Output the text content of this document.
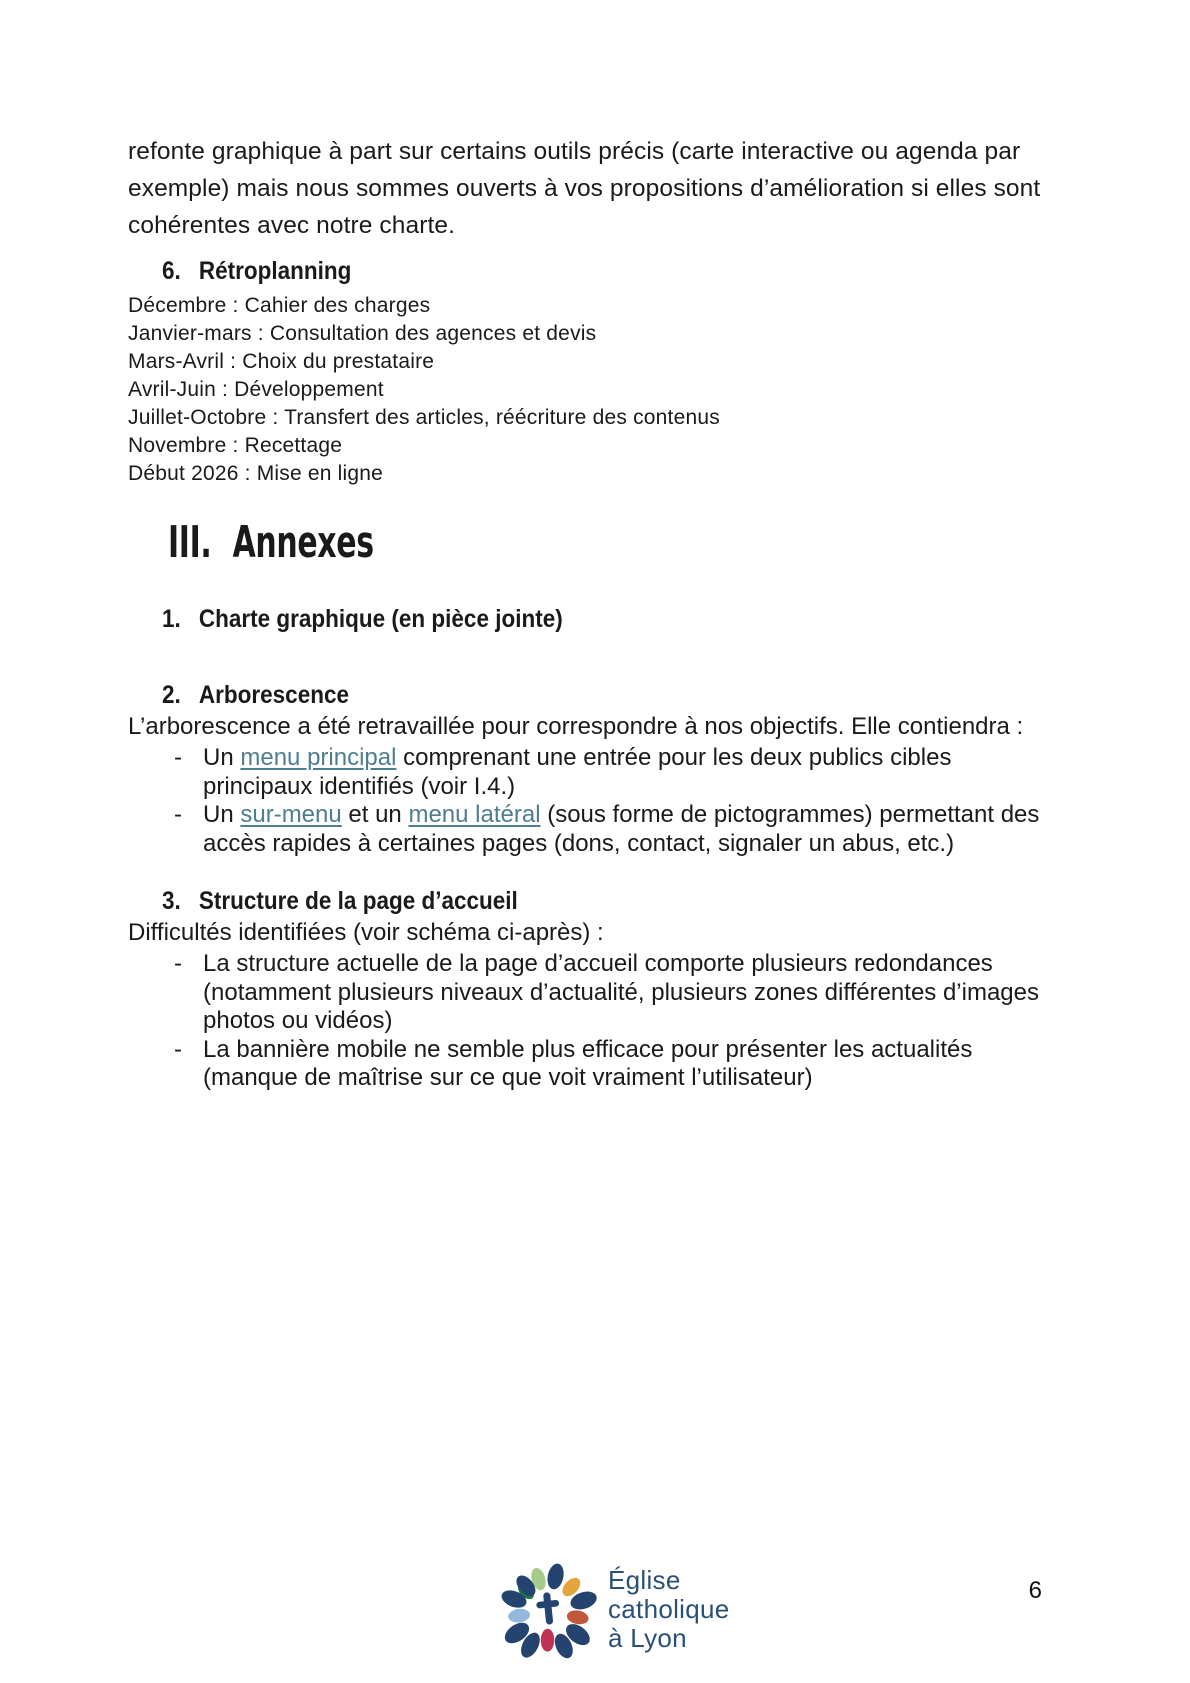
refonte graphique à part sur certains outils précis (carte interactive ou agenda par exemple) mais nous sommes ouverts à vos propositions d’amélioration si elles sont cohérentes avec notre charte.

6. Rétroplanning
Décembre : Cahier des charges
Janvier-mars : Consultation des agences et devis
Mars-Avril : Choix du prestataire
Avril-Juin : Développement
Juillet-Octobre : Transfert des articles, réécriture des contenus
Novembre : Recettage
Début 2026 : Mise en ligne
III. Annexes
1. Charte graphique (en pièce jointe)
2. Arborescence

L’arborescence a été retravaillée pour correspondre à nos objectifs. Elle contiendra :

- Un menu principal comprenant une entrée pour les deux publics cibles principaux identifiés (voir I.4.)
- Un sur-menu et un menu latéral (sous forme de pictogrammes) permettant des accès rapides à certaines pages (dons, contact, signaler un abus, etc.)
3. Structure de la page d’accueil

Difficultés identifiées (voir schéma ci-après) :

- La structure actuelle de la page d’accueil comporte plusieurs redondances (notamment plusieurs niveaux d’actualité, plusieurs zones différentes d’images photos ou vidéos)
- La bannière mobile ne semble plus efficace pour présenter les actualités (manque de maîtrise sur ce que voit vraiment l’utilisateur)
Église
catholique
à Lyon
6
